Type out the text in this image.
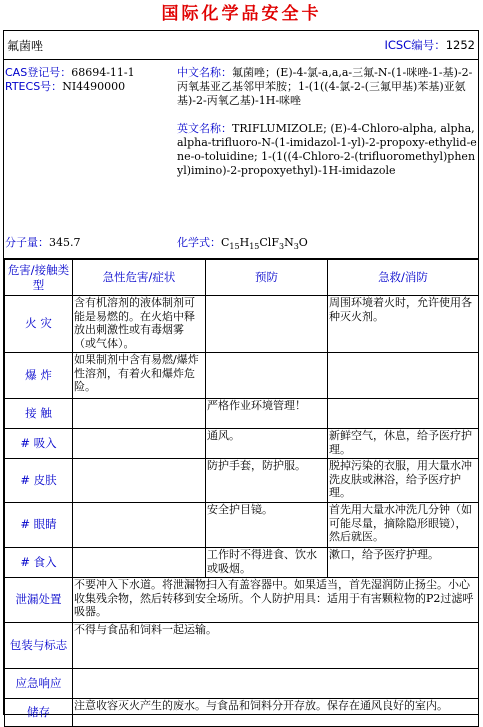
国际化学品安全卡
氟菌唑	ICSC编号：1252
CAS登记号：68694-11-1
RTECS号：NI4490000
中文名称：氟菌唑；(E)-4-氯-a,a,a-三氟-N-(1-咪唑-1-基)-2-丙氧基亚乙基邻甲苯胺；1-(1((4-氯-2-(三氟甲基)苯基)亚氨基)-2-丙氧乙基)-1H-咪唑
英文名称：TRIFLUMIZOLE; (E)-4-Chloro-alpha, alpha, alpha-trifluoro-N-(1-imidazol-1-yl)-2-propoxy-ethylid-ene-o-toluidine; 1-(1((4-Chloro-2-(trifluoromethyl)phenyl)imino)-2-propoxyethyl)-1H-imidazole
分子量：345.7	化学式：$C_{15}H_{15}ClF_3N_3O$
危害/接触类型	急性危害/症状	预防	急救/消防
火 灾	含有机溶剂的液体制剂可能是易燃的。在火焰中释放出刺激性或有毒烟雾（或气体）。		周围环境着火时，允许使用各种灭火剂。
爆 炸	如果制剂中含有易燃/爆炸性溶剂，有着火和爆炸危险。		
接 触		严格作业环境管理！	
# 吸入		通风。	新鲜空气，休息，给予医疗护理。
# 皮肤		防护手套，防护服。	脱掉污染的衣服，用大量水冲洗皮肤或淋浴，给予医疗护理。
# 眼睛		安全护目镜。	首先用大量水冲洗几分钟（如可能尽量，摘除隐形眼镜），然后就医。
# 食入		工作时不得进食、饮水或吸烟。	漱口，给予医疗护理。
泄漏处置	不要冲入下水道。将泄漏物扫入有盖容器中。如果适当，首先湿润防止扬尘。小心收集残余物，然后转移到安全场所。个人防护用具：适用于有害颗粒物的P2过滤呼吸器。		
包装与标志	不得与食品和饲料一起运输。		
应急响应			
储存	注意收容灭火产生的废水。与食品和饲料分开存放。保存在通风良好的室内。		
